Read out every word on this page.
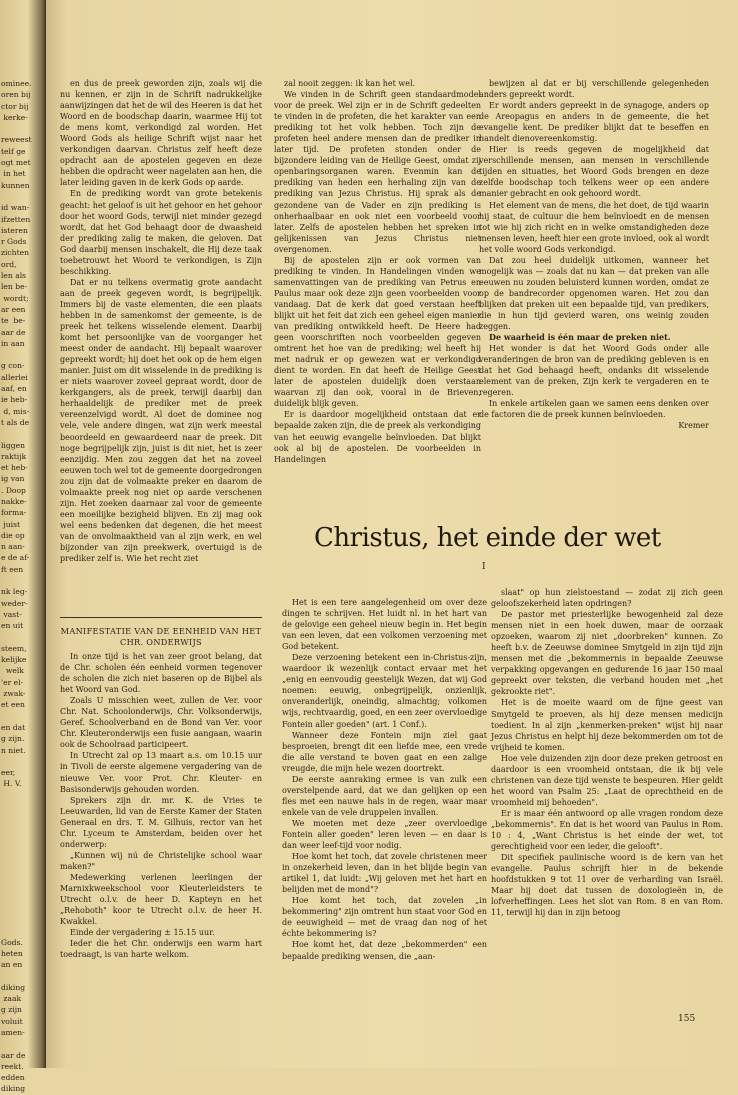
ominee.
oren bij
ctor bij
kerke-

reweest
telf ge
ogt met
in het
kunnen

id wan-
ifzetten
isteren
r Gods
zichten
ord,
len als
len be-
wordt;
ar een
te  be-
aar de
in aan

g con-
allerlei
aaf, en
ie heb-
d, mis-
t als de

liggen
raktijk
et heb-
ig van
. Doop
nakke-
forma-
juist
die op
n aan-
e de af-
ft een

nk leg-
weder-
vast-
en uit

steem,
kelijke
welk
'er el-
zwak-
et een

en dat
g zijn.
n niet.

eer,
H. V.

Gods.
heten
an en

diking
zaak
g zijn
voluit
amen-

aar de
reekt.
edden
diking

en dus de preek geworden zijn, zoals wij die nu kennen, er zijn in de Schrift nadrukkelijke aanwijzingen dat het de wil des Heeren is dat het Woord en de boodschap daarin, waarmee Hij tot de mens komt, verkondigd zal worden. Het Woord Gods als heilige Schrift wijst naar het verkondigen daarvan. Christus zelf heeft deze opdracht aan de apostelen gegeven en deze hebben die opdracht weer nagelaten aan hen, die later leiding gaven in de kerk Gods op aarde.

En de prediking wordt van grote betekenis geacht: het geloof is uit het gehoor en het gehoor door het woord Gods, terwijl niet minder gezegd wordt, dat het God behaagt door de dwaasheid der prediking zalig te maken, die geloven. Dat God daarbij mensen inschakelt, die Hij deze taak toebetrouwt het Woord te verkondigen, is Zijn beschikking.

Dat er nu telkens overmatig grote aandacht aan de preek gegeven wordt, is begrijpelijk. Immers bij de vaste elementen, die een plaats hebben in de samenkomst der gemeente, is de preek het telkens wisselende element. Daarbij komt het persoonlijke van de voorganger het meest onder de aandacht. Hij bepaalt waarover gepreekt wordt; hij doet het ook op de hem eigen manier. Juist om dit wisselende in de prediking is er niets waarover zoveel gepraat wordt, door de kerkgangers, als de preek, terwijl daarbij dan herhaaldelijk de prediker met de preek vereenzelvigd wordt. Al doet de dominee nog vele, vele andere dingen, wat zijn werk meestal beoordeeld en gewaardeerd naar de preek. Dit nogе begrijpelijk zijn, juist is dit niet, het is zeer eenzijdig. Men zou zeggen dat het na zoveel eeuwen toch wel tot de gemeente doorgedrongen zou zijn dat de volmaakte preker en daarom de volmaakte preek nog niet op aarde verschenen zijn. Het zoeken daarnaar zal voor de gemeente een moeilijke bezigheid blijven. En zij mag ook wel eens bedenken dat degenen, die het meest van de onvolmaaktheid van al zijn werk, en wel bijzonder van zijn preekwerk, overtuigd is de prediker zelf is. Wie het recht ziet

zal nooit zeggen: ik kan het wel.

We vinden in de Schrift geen standaardmodel voor de preek. Wel zijn er in de Schrift gedeelten te vinden in de profeten, die het karakter van een prediking tot het volk hebben. Toch zijn de profeten heel andere mensen dan de prediker in later tijd. De profeten stonden onder de bijzondere leiding van de Heilige Geest, omdat zij openbaringsorganen waren. Evenmin kan de prediking van heden een herhaling zijn van de prediking van Jezus Christus. Hij sprak als de gezondene van de Vader en zijn prediking is onherhaalbaar en ook niet een voorbeeld voor later. Zelfs de apostelen hebben het spreken in gelijkenissen van Jezus Christus niet overgenomen.

Bij de apostelen zijn er ook vormen van prediking te vinden. In Handelingen vinden we samenvattingen van de prediking van Petrus en Paulus maar ook deze zijn geen voorbeelden voor vandaag. Dat de kerk dat goed verstaan heeft blijkt uit het feit dat zich een geheel eigen manier van prediking ontwikkeld heeft. De Heere had geen voorschriften noch voorbeelden gegeven omtrent het hoe van de prediking; wel heeft hij met nadruk er op gewezen wat er verkondigd dient te worden. En dat heeft de Heilige Geest later de apostelen duidelijk doen verstaan waarvan zij dan ook, vooral in de Brieven, duidelijk blijk geven.

Er is daardoor mogelijkheid ontstaan dat er bepaalde zaken zijn, die de preek als verkondiging van het eeuwig evangelie beïnvloeden. Dat blijkt ook al bij de apostelen. De voorbeelden in Handelingen

bewijzen al dat er bij verschillende gelegenheden anders gepreekt wordt.

Er wordt anders gepreekt in de synagoge, anders op de Areopagus en anders in de gemeente, die het evangelie kent. De prediker blijkt dat te beseffen en handelt dienovereenkomstig.

Hier is reeds gegeven de mogelijkheid dat verschillende mensen, aan mensen in verschillende tijden en situaties, het Woord Gods brengen en deze zelfde boodschap toch telkens weer op een andere manier gebracht en ook gehoord wordt.

Het element van de mens, die het doet, de tijd waarin hij staat, de cultuur die hem beïnvloedt en de mensen tot wie hij zich richt en in welke omstandigheden deze mensen leven, heeft hier een grote invloed, ook al wordt het volle woord Gods verkondigd.

Dat zou heel duidelijk uitkomen, wanneer het mogelijk was — zoals dat nu kan — dat preken van alle eeuwen nu zouden beluisterd kunnen worden, omdat ze op de bandrecorder opgenomen waren. Het zou dan blijken dat preken uit een bepaalde tijd, van predikers, die in hun tijd gevierd waren, ons weinig zouden zeggen.

De waarheid is één maar de preken niet.

Het wonder is dat het Woord Gods onder alle veranderingen de bron van de prediking gebleven is en dat het God behaagd heeft, ondanks dit wisselende element van de preken, Zijn kerk te vergaderen en te regeren.

In enkele artikelen gaan we samen eens denken over de factoren die de preek kunnen beïnvloeden.

Kremer

MANIFESTATIE VAN DE EENHEID VAN HET CHR. ONDERWIJS

In onze tijd is het van zeer groot belang, dat de Chr. scholen één eenheid vormen tegenover de scholen die zich niet baseren op de Bijbel als het Woord van God.

Zoals U misschien weet, zullen de Ver. voor Chr. Nat. Schoolonderwijs, Chr. Volksonderwijs, Geref. Schoolverband en de Bond van Ver. voor Chr. Kleuteronderwijs een fusie aangaan, waarin ook de Schoolraad participeert.

In Utrecht zal op 13 maart a.s. om 10.15 uur in Tivoli de eerste algemene vergadering van de nieuwe Ver. voor Prot. Chr. Kleuter- en Basisonderwijs gehouden worden.

Sprekers zijn dr. mr. K. de Vries te Leeuwarden, lid van de Eerste Kamer der Staten Generaal en drs. T. M. Gilhuis, rector van het Chr. Lyceum te Amsterdam, beiden over het onderwerp:

„Kunnen wij nú de Christelijke school waar maken?"

Medewerking verlenen leerlingen der Marnixkweekschool voor Kleuterleidsters te Utrecht o.l.v. de heer D. Kapteyn en het „Rehoboth" koor te Utrecht o.l.v. de heer H. Kwakkel.

Einde der vergadering ± 15.15 uur.

Ieder die het Chr. onderwijs een warm hart toedraagt, is van harte welkom.

Christus, het einde der wet
I

Het is een tere aangelegenheid om over deze dingen te schrijven. Het luidt nl. in het hart van de gelovige een geheel nieuw begin in. Het begin van een leven, dat een volkomen verzoening met God betekent.

Deze verzoening betekent een in-Christus-zijn, waardoor ik wezenlijk contact ervaar met het „enig en eenvoudig geestelijk Wezen, dat wij God noemen: eeuwig, onbegrijpelijk, onzienlijk, onveranderlijk, oneindig, almachtig; volkomen wijs, rechtvaardig, goed, en een zeer overvloedige Fontein aller goeden" (art. 1 Conf.).

Wanneer deze Fontein mijn ziel gaat besproeien, brengt dit een liefde mee, een vrede die alle verstand te boven gaat en een zalige vreugde, die mijn hele wezen doortrekt.

De eerste aanraking ermee is van zulk een overstelpende aard, dat we dan gelijken op een fles met een nauwe hals in de regen, waar maar enkele van de vele druppelen invallen.

We moeten met deze „zeer overvloedige Fontein aller goeden" leren leven — en daar is dan weer leef-tijd voor nodig.

Hoe komt het toch, dat zovele christenen meer in onzekerheid leven, dan in het blijde begin van artikel 1, dat luidt: „Wij geloven met het hart en belijden met de mond"?

Hoe komt het toch, dat zovelen „in bekommering" zijn omtrent hun staat voor God en de eeuwigheid — met de vraag dan nog of het échte bekommering is?

Hoe komt het, dat deze „bekommerden" een bepaalde prediking wensen, die „aan-

slaat" op hun zielstoestand — zodat zij zich geen geloofszekerheid laten opdringen?

De pastor met priesterlijke bewogenheid zal deze mensen niet in een hoek duwen, maar de oorzaak opzoeken, waarom zij niet „doorbreken" kunnen. Zo heeft b.v. de Zeeuwse dominee Smytgeld in zijn tijd zijn mensen met die „bekommernis in bepaalde Zeeuwse verpakking opgevangen en gedurende 16 jaar 150 maal gepreekt over teksten, die verband houden met „het gekrookte riet".

Het is de moeite waard om de fijne geest van Smytgeld te proeven, als hij deze mensen medicijn toedient. In al zijn „kenmerken-preken" wijst hij naar Jezus Christus en helpt hij deze bekommerden om tot de vrijheid te komen.

Hoe vele duizenden zijn door deze preken getroost en daardoor is een vroomheid ontstaan, die ik bij vele christenen van deze tijd wenste te bespeuren. Hier geldt het woord van Psalm 25: „Laat de oprechtheid en de vroomheid mij behoeden".

Er is maar één antwoord op alle vragen rondom deze „bekommernis". En dat is het woord van Paulus in Rom. 10 : 4, „Want Christus is het einde der wet, tot gerechtigheid voor een ieder, die gelooft".

Dit specifiek paulinische woord is de kern van het evangelie. Paulus schrijft hier in de bekende hoofdstukken 9 tot 11 over de verharding van Israël. Maar hij doet dat tussen de doxologieën in, de lofverheffingen. Lees het slot van Rom. 8 en van Rom. 11, terwijl hij dan in zijn betoog

155
